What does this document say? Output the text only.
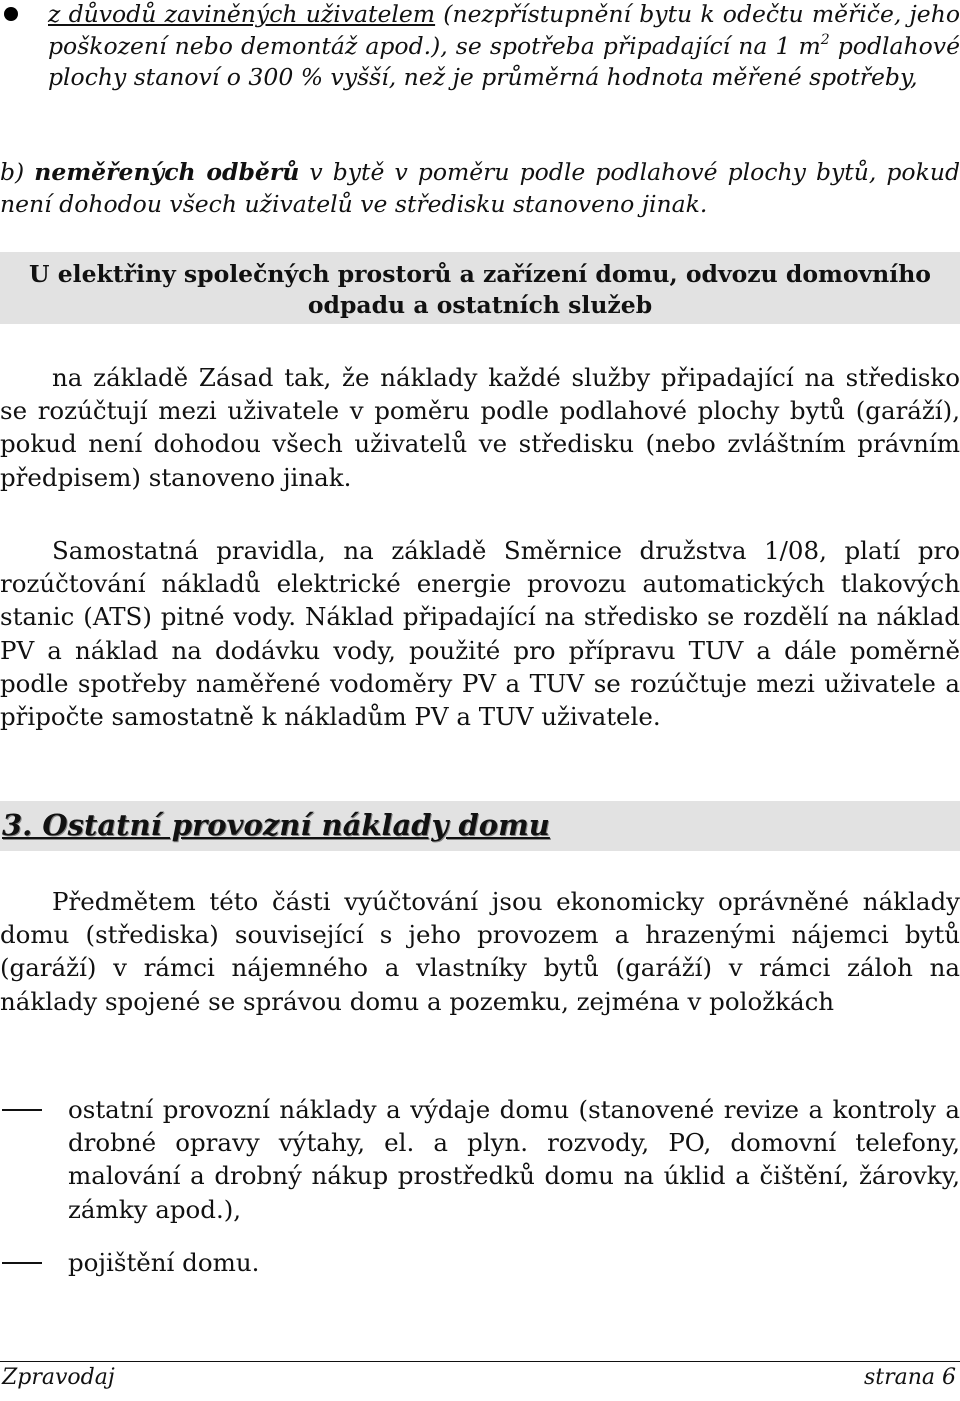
z důvodů zaviněných uživatelem (nezpřístupnění bytu k odečtu měřiče, jeho poškození nebo demontáž apod.), se spotřeba připadající na 1 $m^2$ podlahové plochy stanoví o 300 % vyšší, než je průměrná hodnota měřené spotřeby,

b) neměřených odběrů v bytě v poměru podle podlahové plochy bytů, pokud není dohodou všech uživatelů ve středisku stanoveno jinak.

U elektřiny společných prostorů a zařízení domu, odvozu domovního odpadu a ostatních služeb

na základě Zásad tak, že náklady každé služby připadající na středisko se rozúčtují mezi uživatele v poměru podle podlahové plochy bytů (garáží), pokud není dohodou všech uživatelů ve středisku (nebo zvláštním právním předpisem) stanoveno jinak.

Samostatná pravidla, na základě Směrnice družstva 1/08, platí pro rozúčtování nákladů elektrické energie provozu automatických tlakových stanic (ATS) pitné vody. Náklad připadající na středisko se rozdělí na náklad PV a náklad na dodávku vody, použité pro přípravu TUV a dále poměrně podle spotřeby naměřené vodoměry PV a TUV se rozúčtuje mezi uživatele a připočte samostatně k nákladům PV a TUV uživatele.

3. Ostatní provozní náklady domu

Předmětem této části vyúčtování jsou ekonomicky oprávněné náklady domu (střediska) související s jeho provozem a hrazenými nájemci bytů (garáží) v rámci nájemného a vlastníky bytů (garáží) v rámci záloh na náklady spojené se správou domu a pozemku, zejména v položkách

ostatní provozní náklady a výdaje domu (stanovené revize a kontroly a drobné opravy výtahy, el. a plyn. rozvody, PO, domovní telefony, malování a drobný nákup prostředků domu na úklid a čištění, žárovky, zámky apod.),

pojištění domu.

Zpravodaj	strana 6
